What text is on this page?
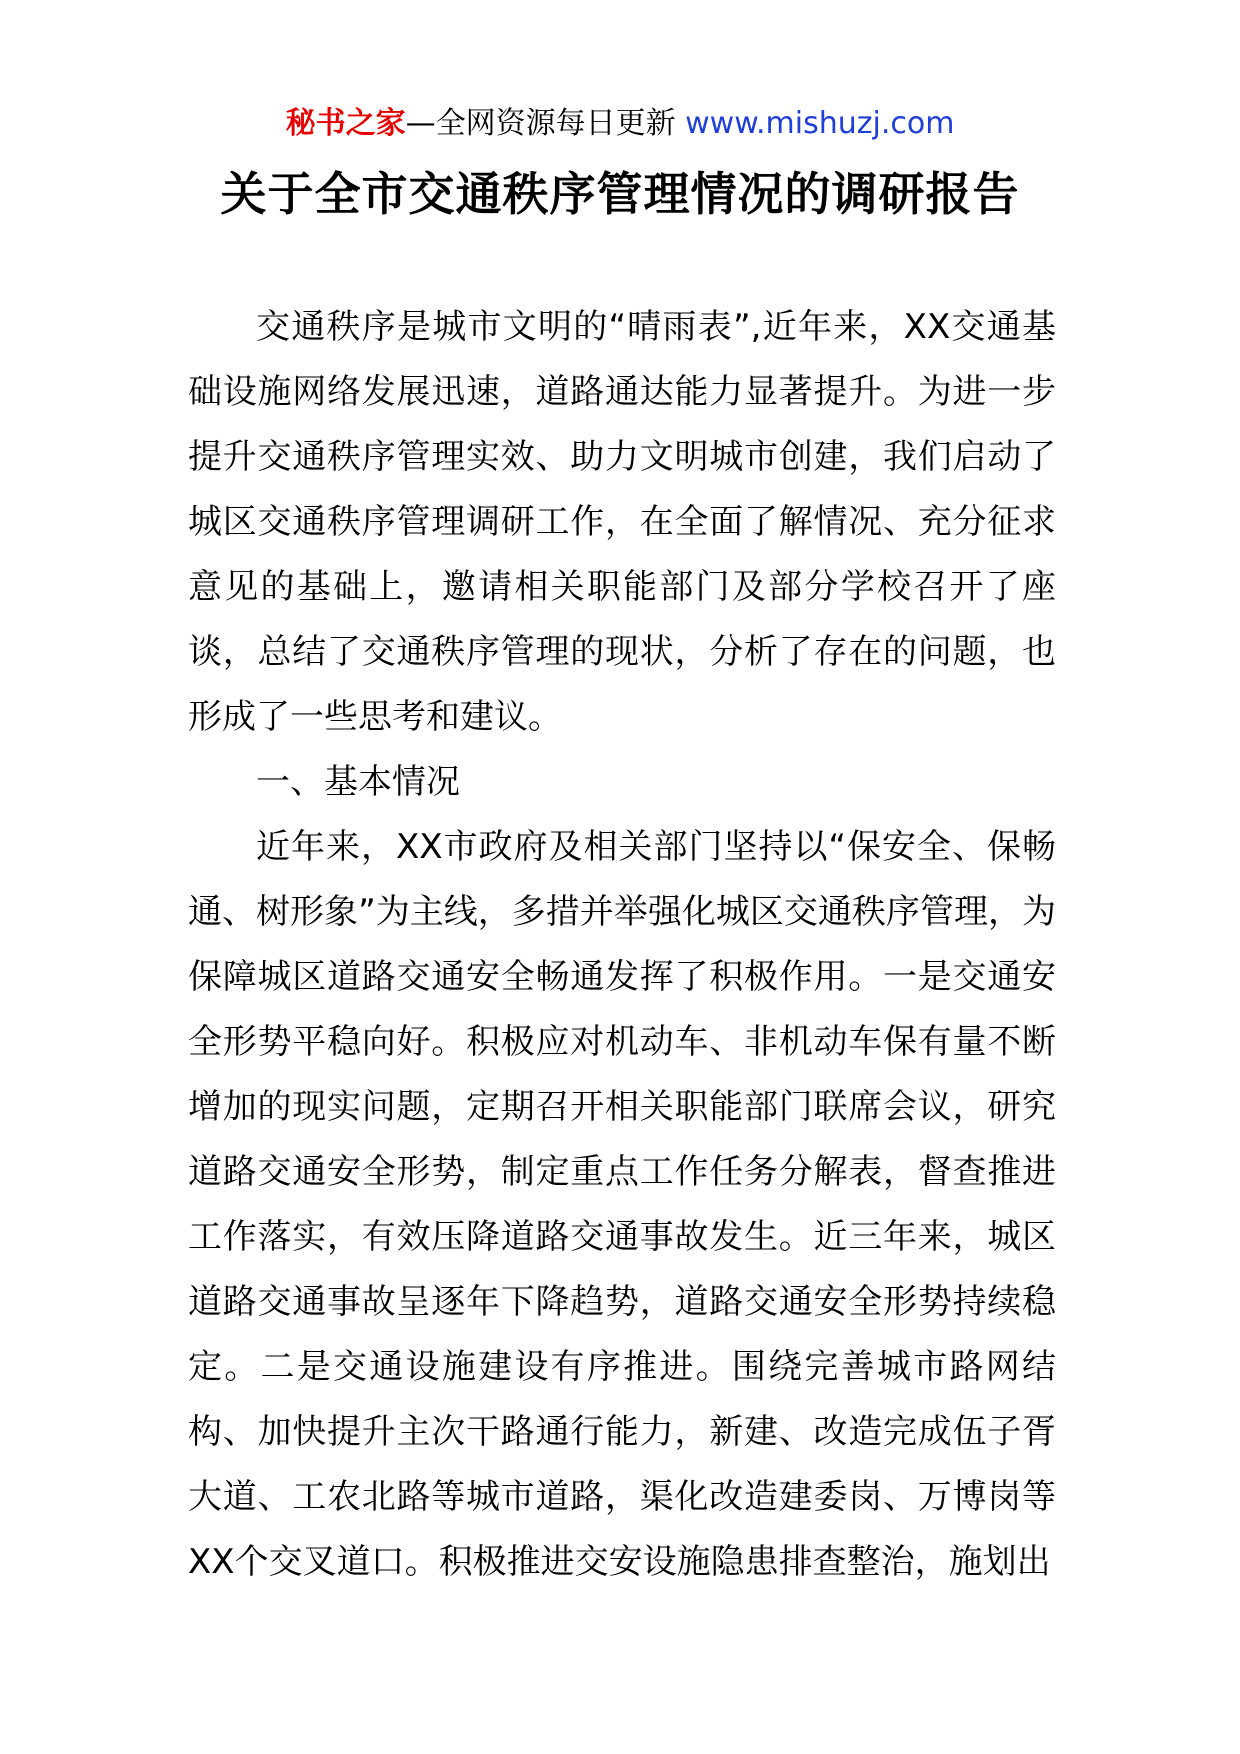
秘书之家—全网资源每日更新 www.mishuzj.com
关于全市交通秩序管理情况的调研报告

交通秩序是城市文明的“晴雨表”,近年来，XX交通基础设施网络发展迅速，道路通达能力显著提升。为进一步提升交通秩序管理实效、助力文明城市创建，我们启动了城区交通秩序管理调研工作，在全面了解情况、充分征求意见的基础上，邀请相关职能部门及部分学校召开了座谈，总结了交通秩序管理的现状，分析了存在的问题，也形成了一些思考和建议。

一、基本情况

近年来，XX市政府及相关部门坚持以“保安全、保畅通、树形象”为主线，多措并举强化城区交通秩序管理，为保障城区道路交通安全畅通发挥了积极作用。一是交通安全形势平稳向好。积极应对机动车、非机动车保有量不断增加的现实问题，定期召开相关职能部门联席会议，研究道路交通安全形势，制定重点工作任务分解表，督查推进工作落实，有效压降道路交通事故发生。近三年来，城区道路交通事故呈逐年下降趋势，道路交通安全形势持续稳定。二是交通设施建设有序推进。围绕完善城市路网结构、加快提升主次干路通行能力，新建、改造完成伍子胥大道、工农北路等城市道路，渠化改造建委岗、万博岗等XX个交叉道口。积极推进交安设施隐患排查整治，施划出
